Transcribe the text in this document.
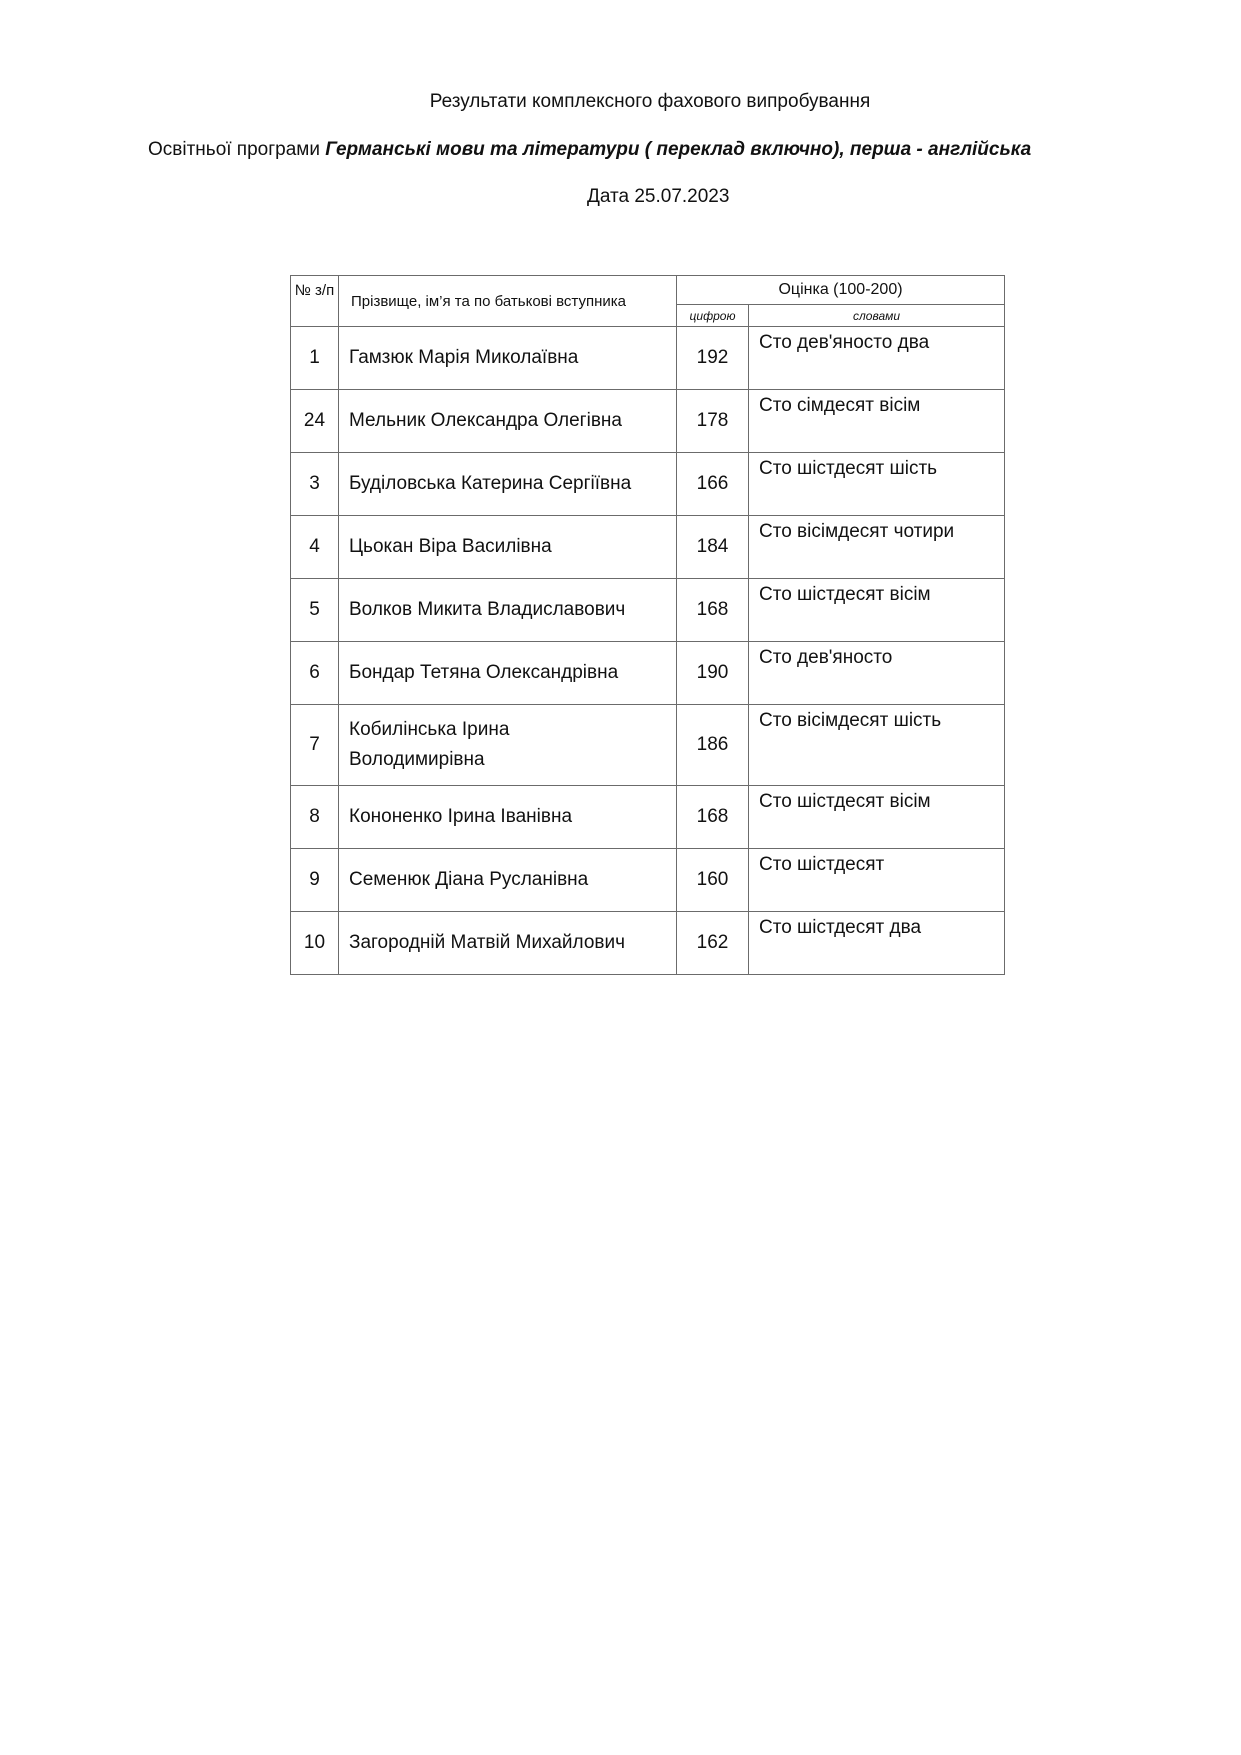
Результати комплексного фахового випробування
Освітньої програми Германські мови та літератури ( переклад включно), перша - англійська
Дата 25.07.2023
№ з/п	Прізвище, ім’я та по батькові вступника	Оцінка (100-200)	
		цифрою	словами
1	Гамзюк Марія Миколаївна	192	Сто дев'яносто два
24	Мельник Олександра Олегівна	178	Сто сімдесят вісім
3	Буділовська Катерина Сергіївна	166	Сто шістдесят шість
4	Цьокан Віра Василівна	184	Сто вісімдесят чотири
5	Волков Микита Владиславович	168	Сто шістдесят вісім
6	Бондар Тетяна Олександрівна	190	Сто дев'яносто
7	Кобилінська Ірина Володимирівна	186	Сто вісімдесят шість
8	Кононенко Ірина Іванівна	168	Сто шістдесят вісім
9	Семенюк Діана Русланівна	160	Сто шістдесят
10	Загородній Матвій Михайлович	162	Сто шістдесят два
